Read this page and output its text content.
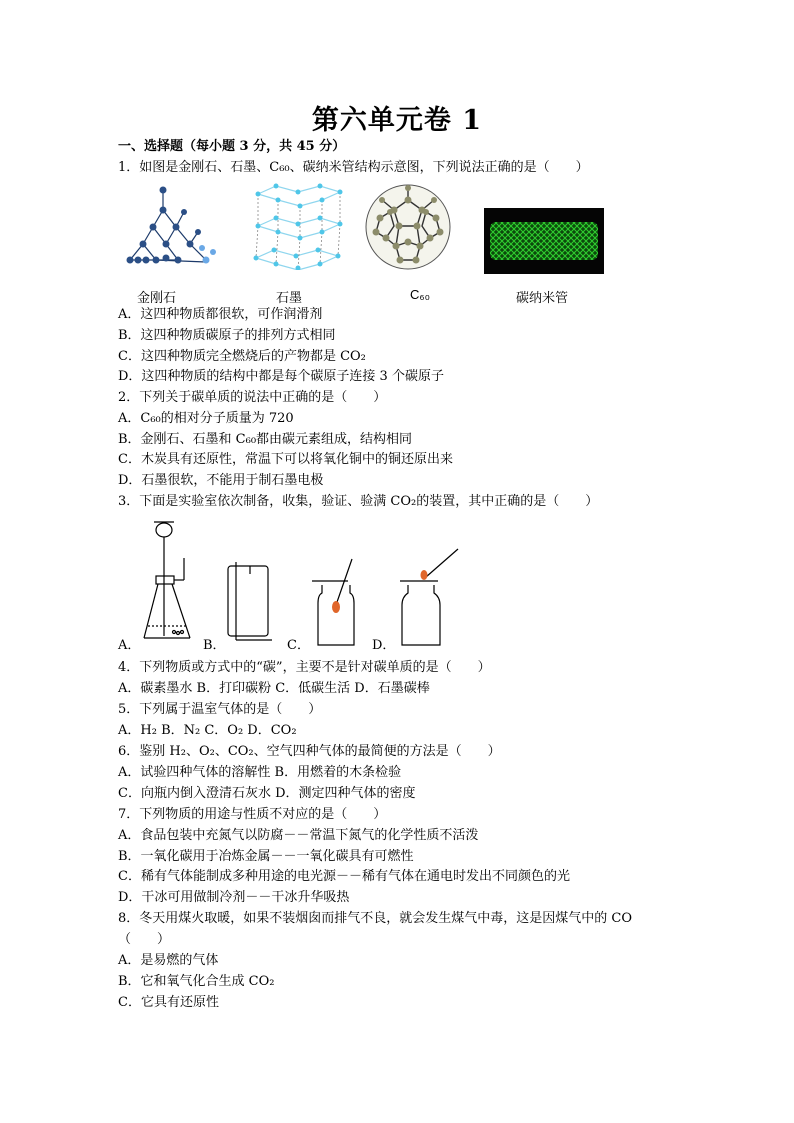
第六单元卷 1
一、选择题（每小题 3 分，共 45 分）
1．如图是金刚石、石墨、C₆₀、碳纳米管结构示意图，下列说法正确的是（　　）
金刚石	石墨	C₆₀	碳纳米管
A．这四种物质都很软，可作润滑剂
B．这四种物质碳原子的排列方式相同
C．这四种物质完全燃烧后的产物都是 CO₂
D．这四种物质的结构中都是每个碳原子连接 3 个碳原子
2．下列关于碳单质的说法中正确的是（　　）
A．C₆₀的相对分子质量为 720
B．金刚石、石墨和 C₆₀都由碳元素组成，结构相同
C．木炭具有还原性，常温下可以将氧化铜中的铜还原出来
D．石墨很软，不能用于制石墨电极
3．下面是实验室依次制备，收集，验证、验满 CO₂的装置，其中正确的是（　　）
A．	B．	C．	D．
4．下列物质或方式中的“碳”，主要不是针对碳单质的是（　　）
A．碳素墨水 B．打印碳粉 C．低碳生活 D．石墨碳棒
5．下列属于温室气体的是（　　）
A．H₂ B．N₂ C．O₂ D．CO₂
6．鉴别 H₂、O₂、CO₂、空气四种气体的最简便的方法是（　　）
A．试验四种气体的溶解性 B．用燃着的木条检验
C．向瓶内倒入澄清石灰水 D．测定四种气体的密度
7．下列物质的用途与性质不对应的是（　　）
A．食品包装中充氮气以防腐－－常温下氮气的化学性质不活泼
B．一氧化碳用于冶炼金属－－一氧化碳具有可燃性
C．稀有气体能制成多种用途的电光源－－稀有气体在通电时发出不同颜色的光
D．干冰可用做制冷剂－－干冰升华吸热
8．冬天用煤火取暖，如果不装烟囱而排气不良，就会发生煤气中毒，这是因煤气中的 CO
（　　）
A．是易燃的气体
B．它和氧气化合生成 CO₂
C．它具有还原性
